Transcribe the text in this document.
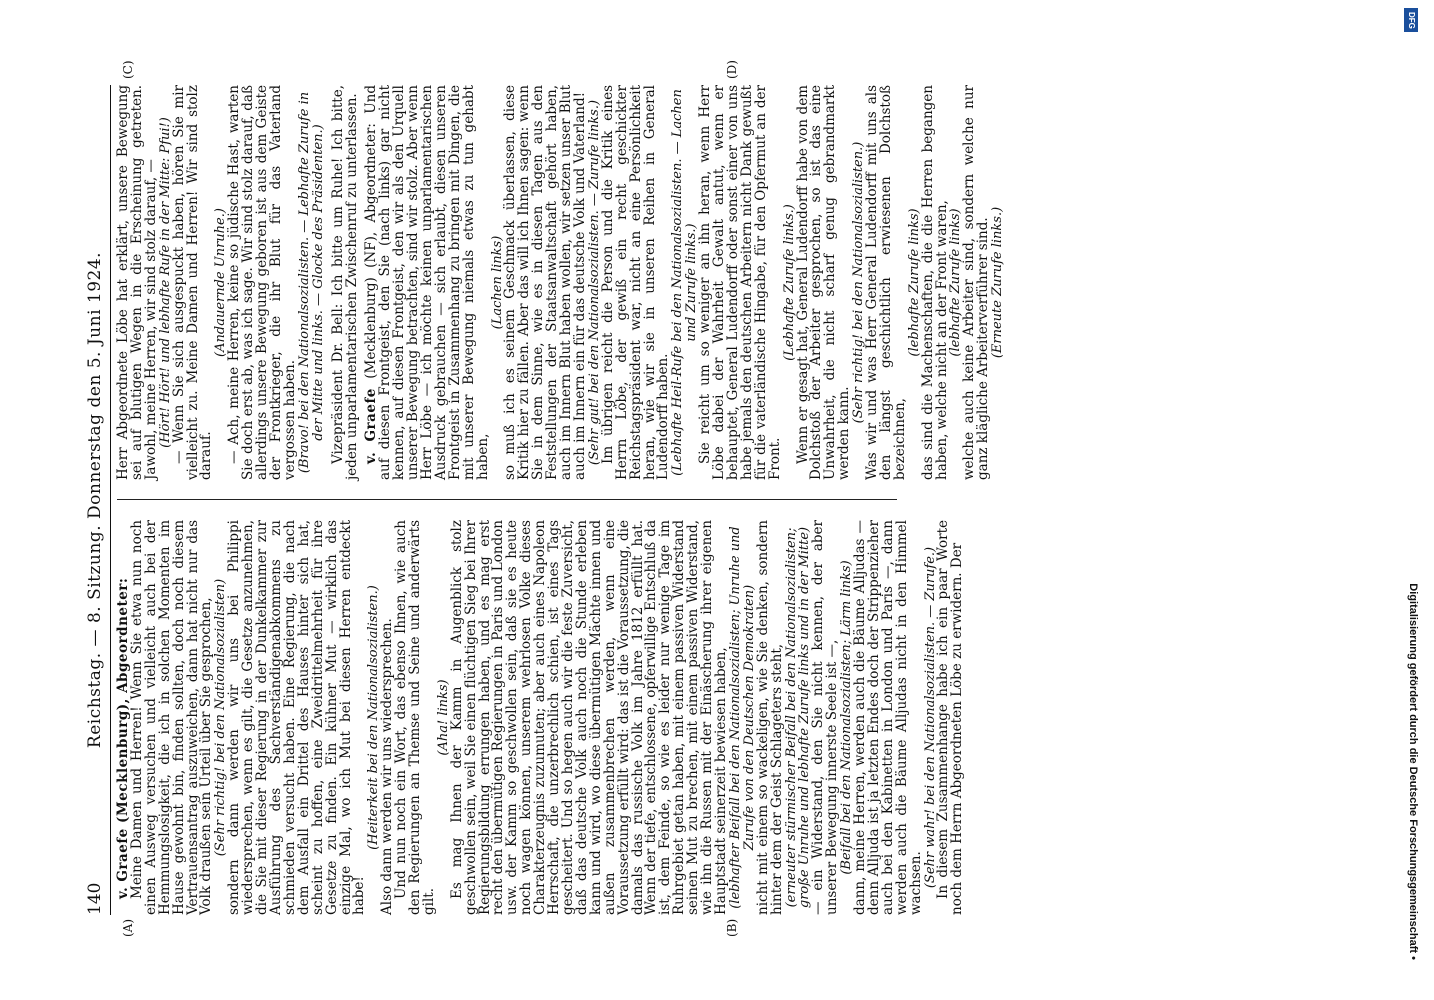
140
Reichstag. — 8. Sitzung. Donnerstag den 5. Juni 1924.
(A)	(B)
(C)	(D)

v. Graefe (Mecklenburg), Abgeordneter:

Meine Damen und Herren! Wenn Sie etwa nun noch einen Ausweg versuchen und vielleicht auch bei der Hemmungslosigkeit, die ich in solchen Momenten im Hause gewohnt bin, finden sollten, doch noch diesem Vertrauensantrag auszuweichen, dann hat nicht nur das Volk draußen sein Urteil über Sie gesprochen,

(Sehr richtig! bei den Nationalsozialisten)

sondern dann werden wir uns bei Philippi wiedersprechen, wenn es gilt, die Gesetze anzunehmen, die Sie mit dieser Regierung in der Dunkelkammer zur Ausführung des Sachverständigenabkommens zu schmieden versucht haben. Eine Regierung, die nach dem Ausfall ein Drittel des Hauses hinter sich hat, scheint zu hoffen, eine Zweidrittelmehrheit für ihre Gesetze zu finden. Ein kühner Mut — wirklich das einzige Mal, wo ich Mut bei diesen Herren entdeckt habe!

(Heiterkeit bei den Nationalsozialisten.)

Also dann werden wir uns wiedersprechen.

Und nun noch ein Wort, das ebenso Ihnen, wie auch den Regierungen an Themse und Seine und anderwärts gilt.

(Aha! links)

Es mag Ihnen der Kamm in Augenblick stolz geschwollen sein, weil Sie einen flüchtigen Sieg bei Ihrer Regierungsbildung errungen haben, und es mag erst recht den übermütigen Regierungen in Paris und London usw. der Kamm so geschwollen sein, daß sie es heute noch wagen können, unserem wehrlosen Volke dieses Charakterzeugnis zuzumuten; aber auch eines Napoleon Herrschaft, die unzerbrechlich schien, ist eines Tags gescheitert. Und so hegen auch wir die feste Zuversicht, daß das deutsche Volk auch noch die Stunde erleben kann und wird, wo diese übermütigen Mächte innen und außen zusammenbrechen werden, wenn eine Voraussetzung erfüllt wird: das ist die Voraussetzung, die damals das russische Volk im Jahre 1812 erfüllt hat. Wenn der tiefe, entschlossene, opferwillige Entschluß da ist, dem Feinde, so wie es leider nur wenige Tage im Ruhrgebiet getan haben, mit einem passiven Widerstand seinen Mut zu brechen, mit einem passiven Widerstand, wie ihn die Russen mit der Einäscherung ihrer eigenen Hauptstadt seinerzeit bewiesen haben,

(lebhafter Beifall bei den Nationalsozialisten; Unruhe und Zurufe von den Deutschen Demokraten)

nicht mit einem so wackeligen, wie Sie denken, sondern hinter dem der Geist Schlageters steht,

(erneuter stürmischer Beifall bei den Nationalsozialisten; große Unruhe und lebhafte Zurufe links und in der Mitte)

— ein Widerstand, den Sie nicht kennen, der aber unserer Bewegung innerste Seele ist —,

(Beifall bei den Nationalsozialisten; Lärm links)

dann, meine Herren, werden auch die Bäume Alljudas — denn Alljuda ist ja letzten Endes doch der Strippenzieher auch bei den Kabinetten in London und Paris —, dann werden auch die Bäume Alljudas nicht in den Himmel wachsen.

(Sehr wahr! bei den Nationalsozialisten. — Zurufe.)

In diesem Zusammenhange habe ich ein paar Worte noch dem Herrn Abgeordneten Löbe zu erwidern. Der

Herr Abgeordnete Löbe hat erklärt, unsere Bewegung sei auf blutigen Wegen in die Erscheinung getreten. Jawohl, meine Herren, wir sind stolz darauf, —

(Hört! Hört! und lebhafte Rufe in der Mitte: Pfui!)

— Wenn Sie sich ausgespuckt haben, hören Sie mir vielleicht zu. Meine Damen und Herren! Wir sind stolz darauf.

(Andauernde Unruhe.)

— Ach, meine Herren, keine so jüdische Hast, warten Sie doch erst ab, was ich sage. Wir sind stolz darauf, daß allerdings unsere Bewegung geboren ist aus dem Geiste der Frontkrieger, die ihr Blut für das Vaterland vergossen haben.

(Bravo! bei den Nationalsozialisten. — Lebhafte Zurufe in der Mitte und links. — Glocke des Präsidenten.) Vizepräsident Dr. Bell: Ich bitte um Ruhe! Ich bitte, jeden unparlamentarischen Zwischenruf zu unterlassen. v. Graefe (Mecklenburg) (NF), Abgeordneter: Und auf diesen Frontgeist, den Sie (nach links) gar nicht kennen, auf diesen Frontgeist, den wir als den Urquell unserer Bewegung betrachten, sind wir stolz. Aber wenn Herr Löbe — ich möchte keinen unparlamentarischen Ausdruck gebrauchen — sich erlaubt, diesen unseren Frontgeist in Zusammenhang zu bringen mit Dingen, die mit unserer Bewegung niemals etwas zu tun gehabt haben,

(Lachen links)

so muß ich es seinem Geschmack überlassen, diese Kritik hier zu fällen. Aber das will ich Ihnen sagen: wenn Sie in dem Sinne, wie es in diesen Tagen aus den Feststellungen der Staatsanwaltschaft gehört haben, auch im Innern Blut haben wollen, wir setzen unser Blut auch im Innern ein für das deutsche Volk und Vaterland!

(Sehr gut! bei den Nationalsozialisten. — Zurufe links.)

Im übrigen reicht die Person und die Kritik eines Herrn Löbe, der gewiß ein recht geschickter Reichstagspräsident war, nicht an eine Persönlichkeit heran, wie wir sie in unseren Reihen in General Ludendorff haben.

(Lebhafte Heil-Rufe bei den Nationalsozialisten. — Lachen und Zurufe links.)

Sie reicht um so weniger an ihn heran, wenn Herr Löbe dabei der Wahrheit Gewalt antut, wenn er behauptet, General Ludendorff oder sonst einer von uns habe jemals den deutschen Arbeitern nicht Dank gewußt für die vaterländische Hingabe, für den Opfermut an der Front.

(Lebhafte Zurufe links.)

Wenn er gesagt hat, General Ludendorff habe von dem Dolchstoß der Arbeiter gesprochen, so ist das eine Unwahrheit, die nicht scharf genug gebrandmarkt werden kann.

(Sehr richtig! bei den Nationalsozialisten.)

Was wir und was Herr General Ludendorff mit uns als den längst geschichtlich erwiesenen Dolchstoß bezeichnen,

(lebhafte Zurufe links)

das sind die Machenschaften, die die Herren begangen haben, welche nicht an der Front waren,

(lebhafte Zurufe links)

welche auch keine Arbeiter sind, sondern welche nur ganz klägliche Arbeiterverführer sind.

(Erneute Zurufe links.)

DFG
Digitalisierung gefördert durch die Deutsche Forschungsgemeinschaft •
